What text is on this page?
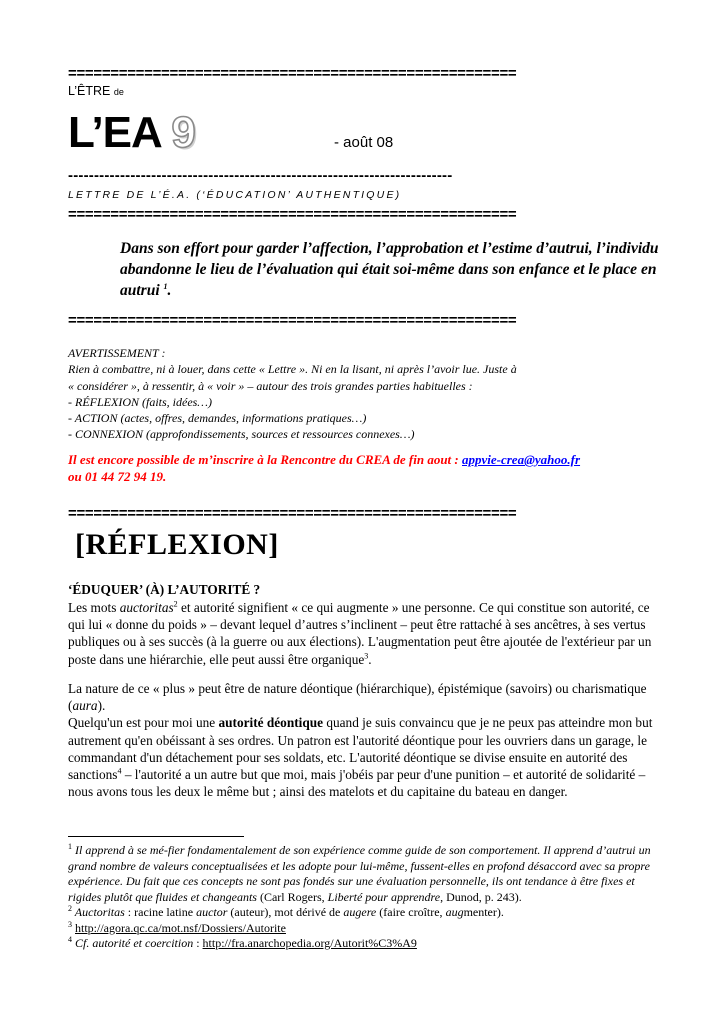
=====================================================
L’ÊTRE de
L’EA 9	- août 08
--------------------------------------------------------------------------
LETTRE DE L’É.A. (‘ÉDUCATION’ AUTHENTIQUE)
=====================================================
Dans son effort pour garder l’affection, l’approbation et l’estime d’autrui, l’individu abandonne le lieu de l’évaluation qui était soi-même dans son enfance et le place en autrui $^1$.
=====================================================
AVERTISSEMENT :
Rien à combattre, ni à louer, dans cette « Lettre ». Ni en la lisant, ni après l’avoir lue. Juste à
« considérer », à ressentir, à « voir » – autour des trois grandes parties habituelles :
- RÉFLEXION (faits, idées…)
- ACTION (actes, offres, demandes, informations pratiques…)
- CONNEXION (approfondissements, sources et ressources connexes…)
Il est encore possible de m’inscrire à la Rencontre du CREA de fin aout : appvie-crea@yahoo.fr
ou 01 44 72 94 19.
=====================================================
[RÉFLEXION]
‘ÉDUQUER’ (À) L’AUTORITÉ ?
Les mots auctoritas$^2$ et autorité signifient « ce qui augmente » une personne. Ce qui constitue son autorité, ce qui lui « donne du poids » – devant lequel d’autres s’inclinent – peut être rattaché à ses ancêtres, à ses vertus publiques ou à ses succès (à la guerre ou aux élections). L'augmentation peut être ajoutée de l'extérieur par un poste dans une hiérarchie, elle peut aussi être organique$^3$.
La nature de ce « plus » peut être de nature déontique (hiérarchique), épistémique (savoirs) ou charismatique (aura).
Quelqu'un est pour moi une autorité déontique quand je suis convaincu que je ne peux pas atteindre mon but autrement qu'en obéissant à ses ordres. Un patron est l'autorité déontique pour les ouvriers dans un garage, le commandant d'un détachement pour ses soldats, etc. L'autorité déontique se divise ensuite en autorité des sanctions$^4$ – l'autorité a un autre but que moi, mais j'obéis par peur d'une punition – et autorité de solidarité – nous avons tous les deux le même but ; ainsi des matelots et du capitaine du bateau en danger.
$^1$ Il apprend à se mé-fier fondamentalement de son expérience comme guide de son comportement. Il apprend d’autrui un grand nombre de valeurs conceptualisées et les adopte pour lui-même, fussent-elles en profond désaccord avec sa propre expérience. Du fait que ces concepts ne sont pas fondés sur une évaluation personnelle, ils ont tendance à être fixes et rigides plutôt que fluides et changeants (Carl Rogers, Liberté pour apprendre, Dunod, p. 243).
$^2$ Auctoritas : racine latine auctor (auteur), mot dérivé de augere (faire croître, augmenter).
$^3$ http://agora.qc.ca/mot.nsf/Dossiers/Autorite
$^4$ Cf. autorité et coercition : http://fra.anarchopedia.org/Autorit%C3%A9
